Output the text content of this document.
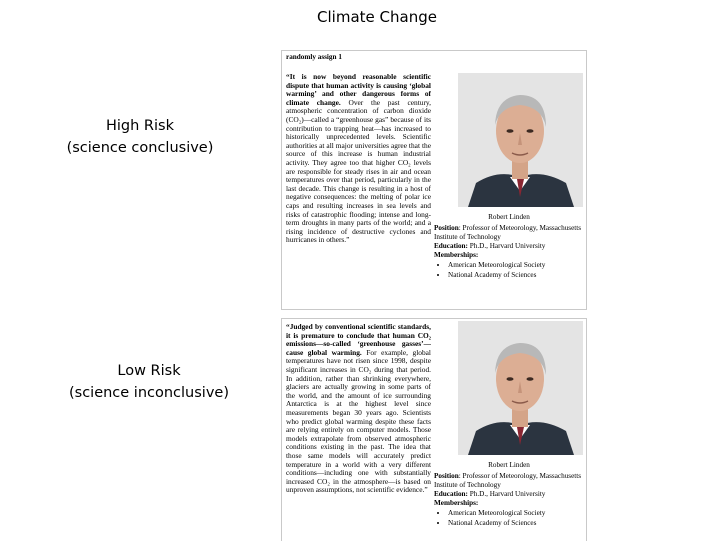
Climate Change
High Risk
(science conclusive)
randomly assign 1
“It is now beyond reasonable scientific dispute that human activity is causing ‘global warming’ and other dangerous forms of climate change. Over the past century, atmospheric concentration of carbon dioxide (CO₂)—called a “greenhouse gas” because of its contribution to trapping heat—has increased to historically unprecedented levels. Scientific authorities at all major universities agree that the source of this increase is human industrial activity. They agree too that higher CO₂ levels are responsible for steady rises in air and ocean temperatures over that period, particularly in the last decade. This change is resulting in a host of negative consequences: the melting of polar ice caps and resulting increases in sea levels and risks of catastrophic flooding; intense and long-term droughts in many parts of the world; and a rising incidence of destructive cyclones and hurricanes in others.”
Robert Linden
Position: Professor of Meteorology, Massachusetts Institute of Technology
Education: Ph.D., Harvard University
Memberships:
• American Meteorological Society
• National Academy of Sciences
Low Risk
(science inconclusive)
“Judged by conventional scientific standards, it is premature to conclude that human CO₂ emissions—so-called ‘greenhouse gasses’—cause global warming. For example, global temperatures have not risen since 1998, despite significant increases in CO₂ during that period. In addition, rather than shrinking everywhere, glaciers are actually growing in some parts of the world, and the amount of ice surrounding Antarctica is at the highest level since measurements began 30 years ago. Scientists who predict global warming despite these facts are relying entirely on computer models. Those models extrapolate from observed atmospheric conditions existing in the past. The idea that those same models will accurately predict temperature in a world with a very different conditions—including one with substantially increased CO₂ in the atmosphere—is based on unproven assumptions, not scientific evidence.”
Robert Linden
Position: Professor of Meteorology, Massachusetts Institute of Technology
Education: Ph.D., Harvard University
Memberships:
• American Meteorological Society
• National Academy of Sciences
